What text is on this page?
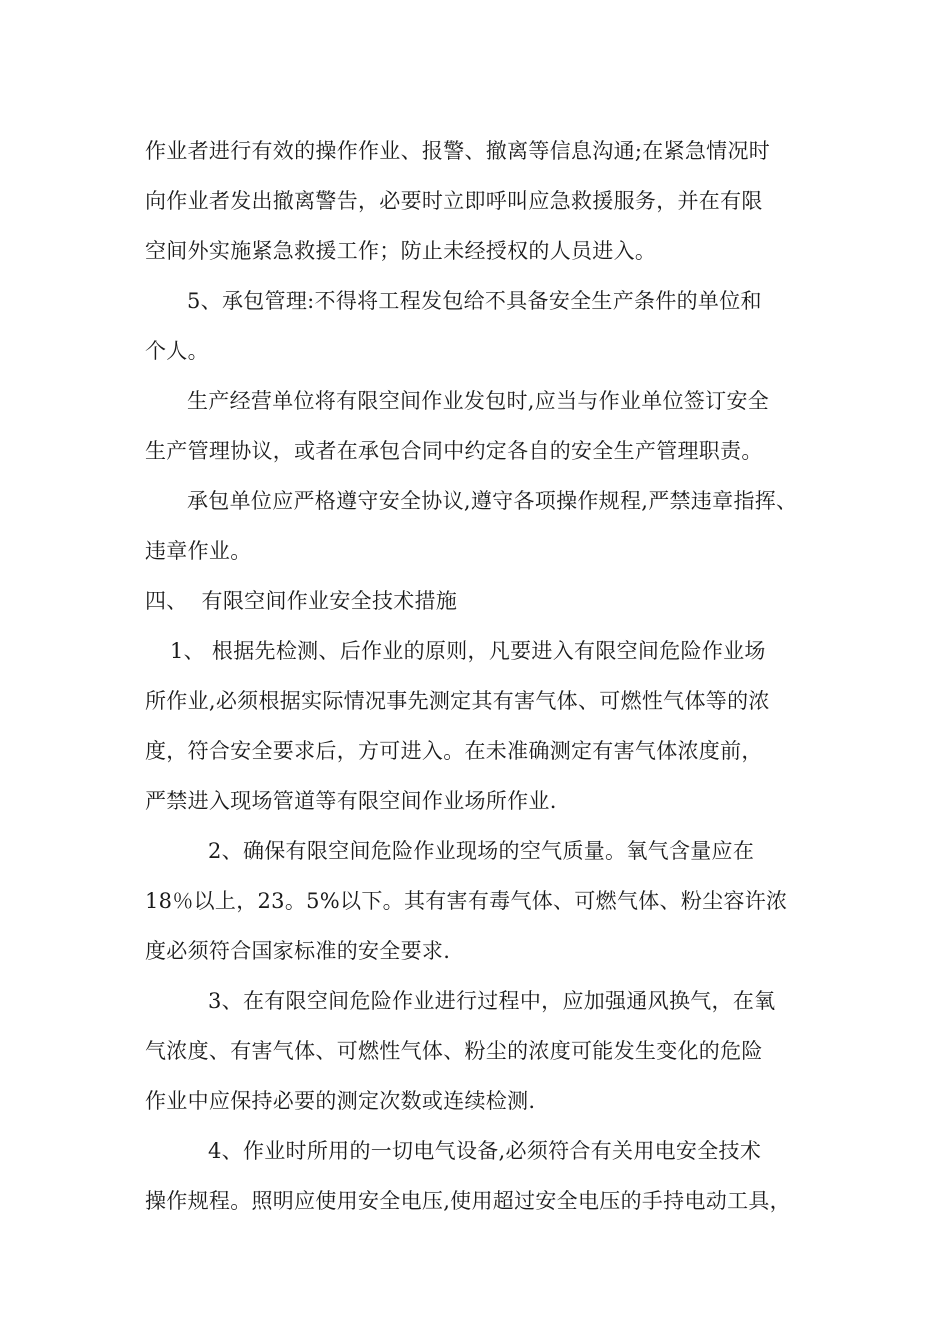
作业者进行有效的操作作业、报警、撤离等信息沟通;在紧急情况时
向作业者发出撤离警告，必要时立即呼叫应急救援服务，并在有限
空间外实施紧急救援工作；防止未经授权的人员进入。
5、承包管理:不得将工程发包给不具备安全生产条件的单位和
个人。
生产经营单位将有限空间作业发包时,应当与作业单位签订安全
生产管理协议，或者在承包合同中约定各自的安全生产管理职责。
承包单位应严格遵守安全协议,遵守各项操作规程,严禁违章指挥、
违章作业。
四、  有限空间作业安全技术措施
1、 根据先检测、后作业的原则，凡要进入有限空间危险作业场
所作业,必须根据实际情况事先测定其有害气体、可燃性气体等的浓
度，符合安全要求后，方可进入。在未准确测定有害气体浓度前，
严禁进入现场管道等有限空间作业场所作业.
2、确保有限空间危险作业现场的空气质量。氧气含量应在
18％以上，23。5%以下。其有害有毒气体、可燃气体、粉尘容许浓
度必须符合国家标准的安全要求.
3、在有限空间危险作业进行过程中，应加强通风换气，在氧
气浓度、有害气体、可燃性气体、粉尘的浓度可能发生变化的危险
作业中应保持必要的测定次数或连续检测.
4、作业时所用的一切电气设备,必须符合有关用电安全技术
操作规程。照明应使用安全电压,使用超过安全电压的手持电动工具，
